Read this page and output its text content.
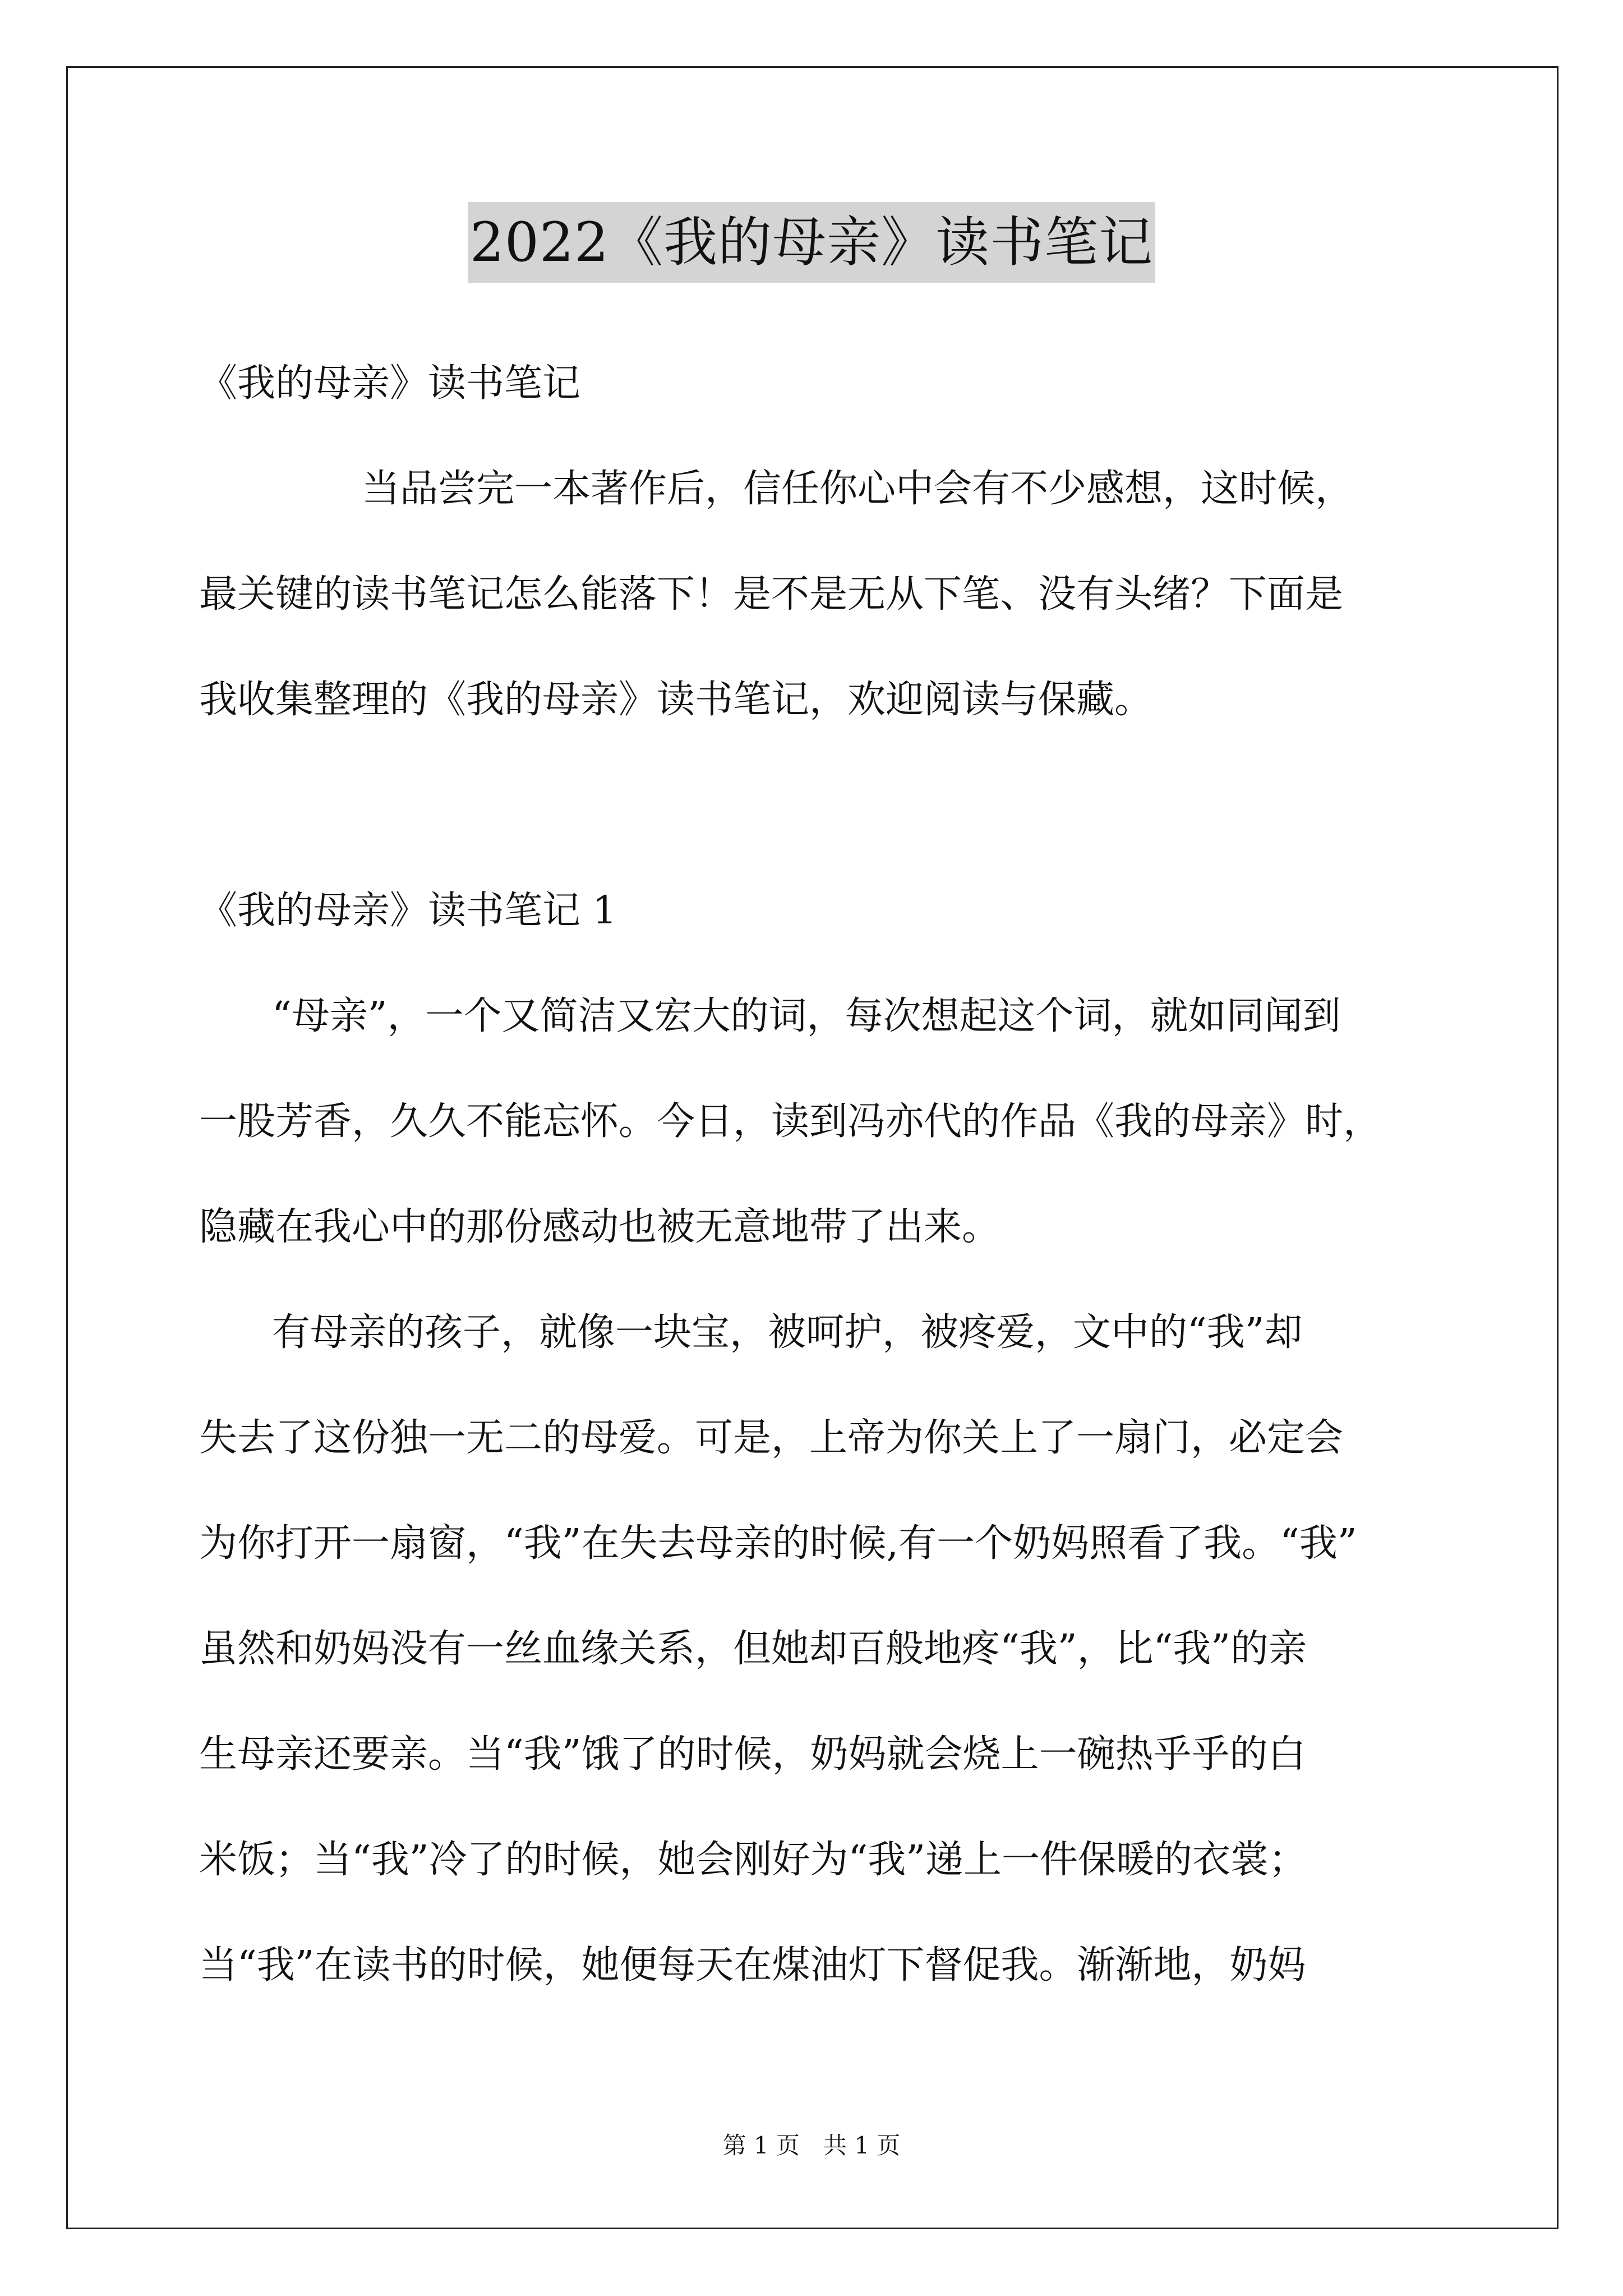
2022《我的母亲》读书笔记

《我的母亲》读书笔记

当品尝完一本著作后，信任你心中会有不少感想，这时候，

最关键的读书笔记怎么能落下！是不是无从下笔、没有头绪？下面是

我收集整理的《我的母亲》读书笔记，欢迎阅读与保藏。

《我的母亲》读书笔记 1

“母亲”，一个又简洁又宏大的词，每次想起这个词，就如同闻到

一股芳香，久久不能忘怀。今日，读到冯亦代的作品《我的母亲》时，

隐藏在我心中的那份感动也被无意地带了出来。

有母亲的孩子，就像一块宝，被呵护，被疼爱，文中的“我”却

失去了这份独一无二的母爱。可是，上帝为你关上了一扇门，必定会

为你打开一扇窗，“我”在失去母亲的时候,有一个奶妈照看了我。“我”

虽然和奶妈没有一丝血缘关系，但她却百般地疼“我”，比“我”的亲

生母亲还要亲。当“我”饿了的时候，奶妈就会烧上一碗热乎乎的白

米饭；当“我”冷了的时候，她会刚好为“我”递上一件保暖的衣裳；

当“我”在读书的时候，她便每天在煤油灯下督促我。渐渐地，奶妈

第 1 页　共 1 页
